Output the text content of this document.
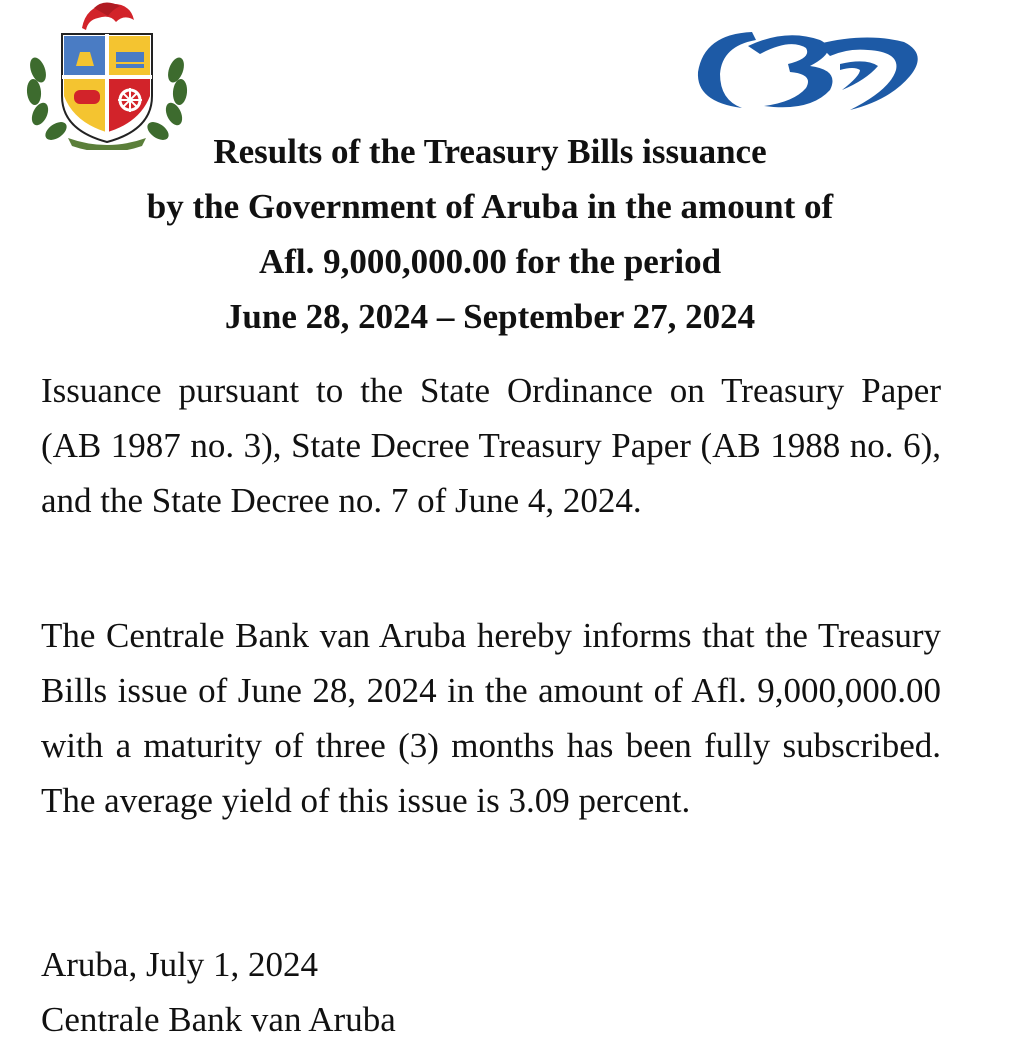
Results of the Treasury Bills issuance
by the Government of Aruba in the amount of
Afl. 9,000,000.00 for the period
June 28, 2024 – September 27, 2024

Issuance pursuant to the State Ordinance on Treasury Paper (AB 1987 no. 3), State Decree Treasury Paper (AB 1988 no. 6), and the State Decree no. 7 of June 4, 2024.

The Centrale Bank van Aruba hereby informs that the Treasury Bills issue of June 28, 2024 in the amount of Afl. 9,000,000.00 with a maturity of three (3) months has been fully subscribed. The average yield of this issue is 3.09 percent.

Aruba, July 1, 2024
Centrale Bank van Aruba
